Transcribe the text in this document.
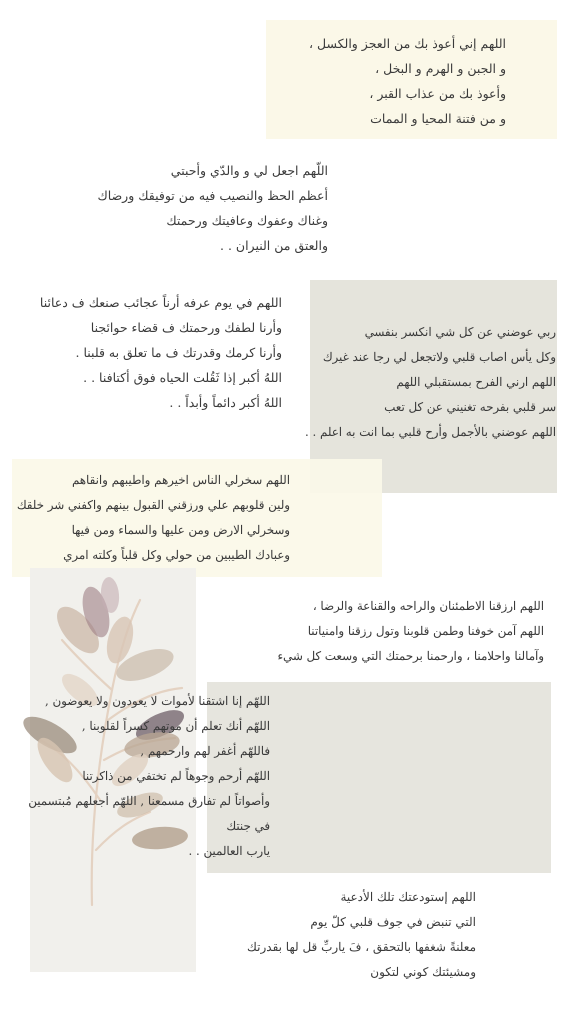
اللهم إني أعوذ بك من العجز والكسل ،
و الجبن و الهرم و البخل ،
وأعوذ بك من عذاب القبر ،
و من فتنة المحيا و الممات
اللّهم اجعل لي و والدّي وأحبتي
أعظم الحظ والنصيب فيه من توفيقك ورضاك
وغناك وعفوك وعافيتك ورحمتك
والعتق من النيران . .
اللهم في يوم عرفه أرناً عجائب صنعك ف دعائنا
وأرنا لطفك ورحمتك ف قضاء حوائجنا
وأرنا كرمك وقدرتك ف ما تعلق به قلبنا .
اللهُ أكبر إذا ثَقُلت الحياه فوق أكتافنا . .
اللهُ أكبر دائماً وأبداً . .
ربي عوضني عن كل شي انكسر بنفسي
وكل يأس اصاب قلبي ولاتجعل لي رجا عند غيرك
اللهم ارني الفرح بمستقبلي اللهم
سر قلبي بفرحه تغنيني عن كل تعب
اللهم عوضني بالأجمل وأرح قلبي بما انت به اعلم . .
اللهم سخرلي الناس اخيرهم واطيبهم وانقاهم
ولين قلوبهم علي ورزقني القبول بينهم واكفني شر خلقك
وسخرلي الارض ومن عليها والسماء ومن فيها
وعبادك الطيبين من حولي وكل قلباً وكلته امري
اللهم ارزقنا الاطمئنان والراحه والقناعة والرضا ،
اللهم آمن خوفنا وطمن قلوبنا وتول رزقنا وامنياتنا
وآمالنا واحلامنا ، وارحمنا برحمتك التي وسعت كل شيء
اللهّم إنا اشتقنا لأموات لا يعودون ولا يعوضون ,
اللهّم أنك تعلم أن موتهم كسراً لقلوبنا ,
فاللهّم أغفر لهم وارحمهم ,
اللهّم أرحم وجوهاً لم تختفي من ذاكرتنا
وأصواتاً لم تفارق مسمعنا , اللهّم أجعلهم مُبتسمين
في جنتك
يارب العالمين . .
اللهم إستودعتك تلك الأدعية
التي تنبض في جوف قلبي كلّ يوم
معلنةً شغفها بالتحقق ، فَ ياربِّ قل لها بقدرتك
ومشيئتك كوني لتكون
